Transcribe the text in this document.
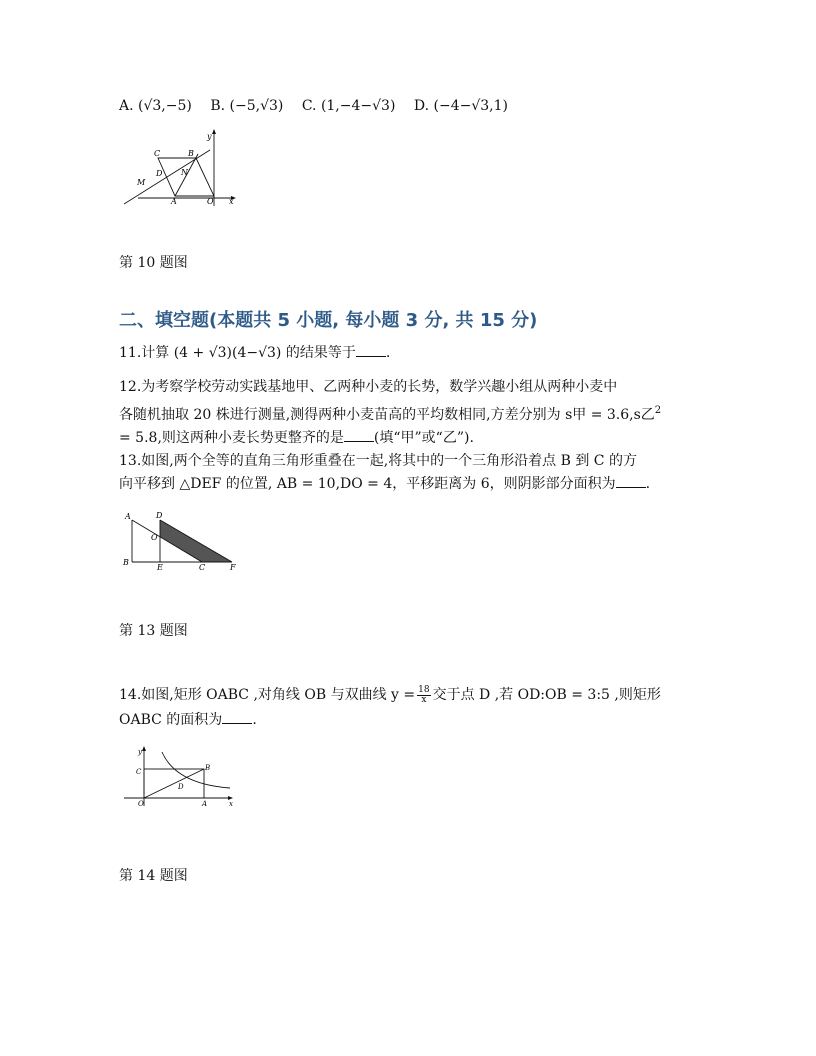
A. (√3,−5) B. (−5,√3) C. (1,−4−√3) D. (−4−√3,1)
y
C	B
N
D
M
A	O x
第 10 题图
二、填空题(本题共 5 小题, 每小题 3 分, 共 15 分)
11.计算 (4 + √3)(4−√3) 的结果等于 .
12.为考察学校劳动实践基地甲、乙两种小麦的长势，数学兴趣小组从两种小麦中
各随机抽取 20 株进行测量,测得两种小麦苗高的平均数相同,方差分别为 s甲 = 3.6,s乙$^2$
= 5.8,则这两种小麦长势更整齐的是 (填“甲”或“乙”).
13.如图,两个全等的直角三角形重叠在一起,将其中的一个三角形沿着点 B 到 C 的方
向平移到 △DEF 的位置, AB = 10,DO = 4，平移距离为 6，则阴影部分面积为 .
A	D
O
B
E	C	F
第 13 题图
14.如图,矩形 OABC ,对角线 OB 与双曲线 $y = \frac{18}{x}$ 交于点 D ,若 OD:OB = 3:5 ,则矩形
OABC 的面积为 .
y
C	B
D
O	A	x
第 14 题图
